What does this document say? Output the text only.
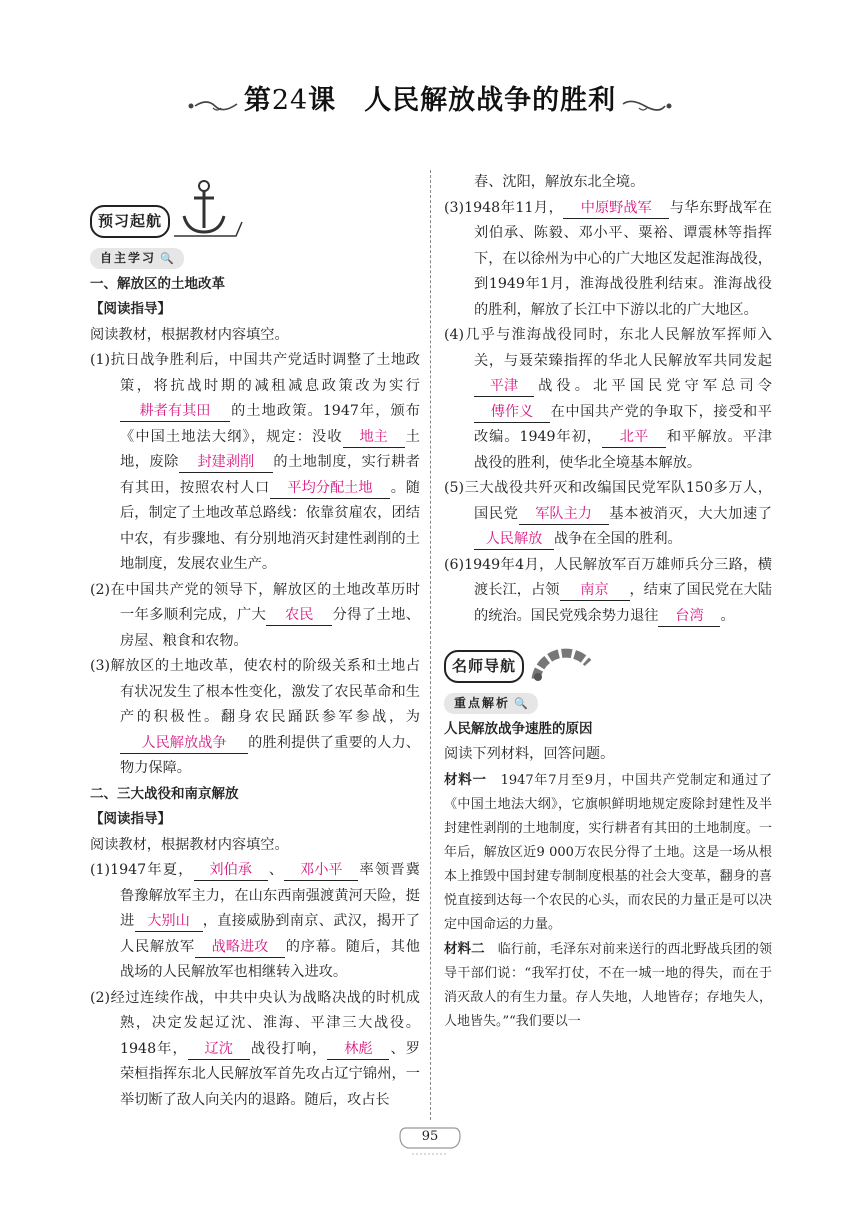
第24课　 人民解放战争的胜利
预习起航
自主学习 🔍

一、解放区的土地改革

【阅读指导】

阅读教材，根据教材内容填空。

(1)抗日战争胜利后，中国共产党适时调整了土地政策，将抗战时期的减租减息政策改为实行耕者有其田 的土地政策。1947年，颁布《中国土地法大纲》，规定：没收 地主 土地，废除 封建剥削 的土地制度，实行耕者有其田，按照农村人口 平均分配土地 。随后，制定了土地改革总路线：依靠贫雇农，团结中农，有步骤地、有分别地消灭封建性剥削的土地制度，发展农业生产。

(2)在中国共产党的领导下，解放区的土地改革历时一年多顺利完成，广大 农民 分得了土地、房屋、粮食和农物。

(3)解放区的土地改革，使农村的阶级关系和土地占有状况发生了根本性变化，激发了农民革命和生产的积极性。翻身农民踊跃参军参战，为人民解放战争 的胜利提供了重要的人力、物力保障。

二、三大战役和南京解放

【阅读指导】

阅读教材，根据教材内容填空。

(1)1947年夏， 刘伯承 、 邓小平 率领晋冀鲁豫解放军主力，在山东西南强渡黄河天险，挺进 大别山 ，直接威胁到南京、武汉，揭开了人民解放军 战略进攻 的序幕。随后，其他战场的人民解放军也相继转入进攻。

(2)经过连续作战，中共中央认为战略决战的时机成熟，决定发起辽沈、淮海、平津三大战役。1948年， 辽沈 战役打响， 林彪 、罗荣桓指挥东北人民解放军首先攻占辽宁锦州，一举切断了敌人向关内的退路。随后，攻占长

春、沈阳，解放东北全境。

(3)1948年11月， 中原野战军 与华东野战军在刘伯承、陈毅、邓小平、粟裕、谭震林等指挥下，在以徐州为中心的广大地区发起淮海战役，到1949年1月，淮海战役胜利结束。淮海战役的胜利，解放了长江中下游以北的广大地区。

(4)几乎与淮海战役同时，东北人民解放军挥师入关，与聂荣臻指挥的华北人民解放军共同发起平津 战役。北平国民党守军总司令傅作义 在中国共产党的争取下，接受和平改编。1949年初， 北平 和平解放。平津战役的胜利，使华北全境基本解放。

(5)三大战役共歼灭和改编国民党军队150多万人，国民党 军队主力 基本被消灭，大大加速了人民解放 战争在全国的胜利。

(6)1949年4月，人民解放军百万雄师兵分三路，横渡长江，占领 南京 ，结束了国民党在大陆的统治。国民党残余势力退往 台湾 。

名师导航
重点解析 🔍

人民解放战争速胜的原因

阅读下列材料，回答问题。

材料一　1947年7月至9月，中国共产党制定和通过了《中国土地法大纲》，它旗帜鲜明地规定废除封建性及半封建性剥削的土地制度，实行耕者有其田的土地制度。一年后，解放区近9 000万农民分得了土地。这是一场从根本上推毁中国封建专制制度根基的社会大变革，翻身的喜悦直接到达每一个农民的心头，而农民的力量正是可以决定中国命运的力量。

材料二　临行前，毛泽东对前来送行的西北野战兵团的领导干部们说：“我军打仗，不在一城一地的得失，而在于消灭敌人的有生力量。存人失地，人地皆存；存地失人，人地皆失。”“我们要以一

95
